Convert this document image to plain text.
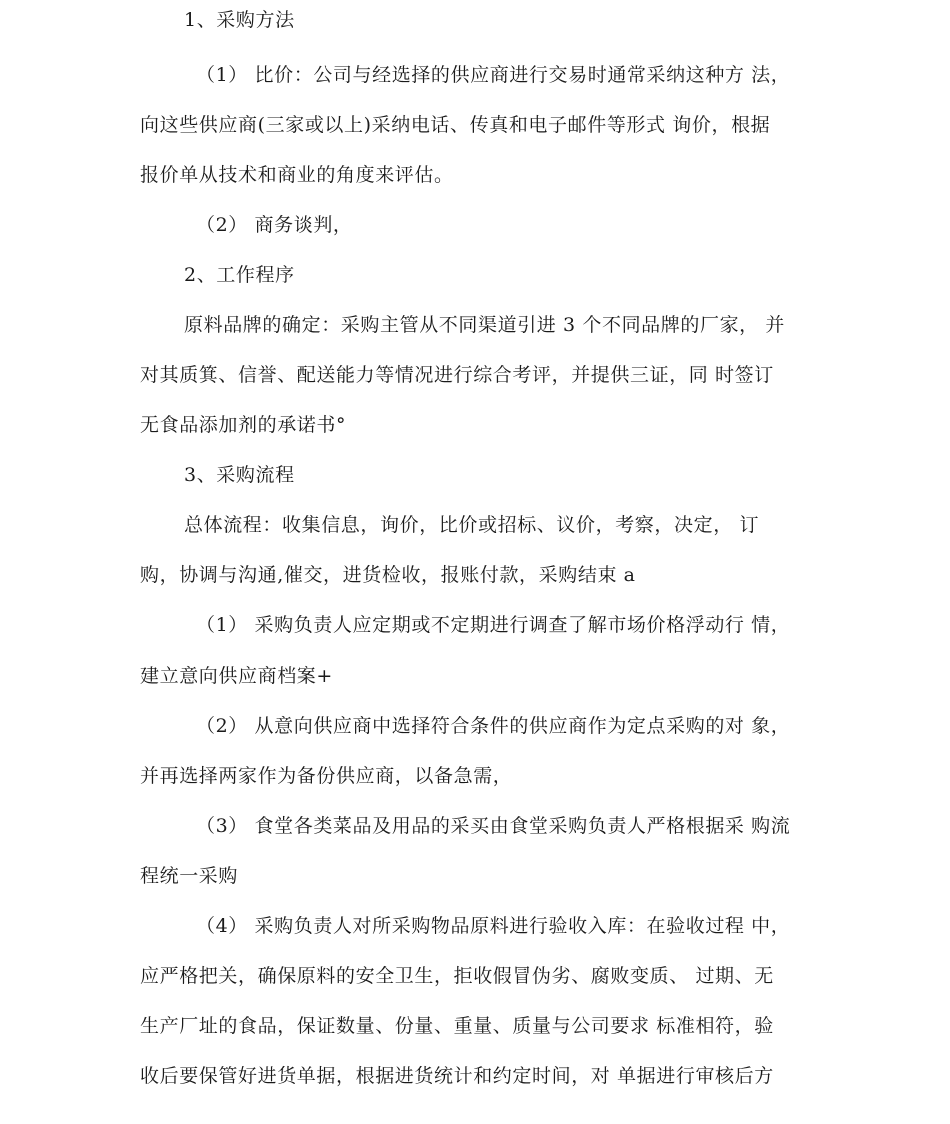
1、采购方法
（1） 比价：公司与经选择的供应商进行交易时通常采纳这种方 法，
向这些供应商(三家或以上)采纳电话、传真和电子邮件等形式 询价，根据
报价单从技术和商业的角度来评估。
（2） 商务谈判，
2、工作程序
原料品牌的确定：采购主管从不同渠道引进 3 个不同品牌的厂家， 并
对其质箕、信誉、配送能力等情况进行综合考评，并提供三证，同 时签订
无食品添加剂的承诺书°
3、采购流程
总体流程：收集信息，询价，比价或招标、议价，考察，决定， 订
购，协调与沟通,催交，进货检收，报账付款，采购结束 a
（1） 采购负责人应定期或不定期进行调查了解市场价格浮动行 情，
建立意向供应商档案+
（2） 从意向供应商中选择符合条件的供应商作为定点采购的对 象，
并再选择两家作为备份供应商，以备急需，
（3） 食堂各类菜品及用品的采买由食堂采购负责人严格根据采 购流
程统一采购
（4） 采购负责人对所采购物品原料进行验收入库：在验收过程 中，
应严格把关，确保原料的安全卫生，拒收假冒伪劣、腐败变质、 过期、无
生产厂址的食品，保证数量、份量、重量、质量与公司要求 标准相符，验
收后要保管好进货单据，根据进货统计和约定时间，对 单据进行审核后方
